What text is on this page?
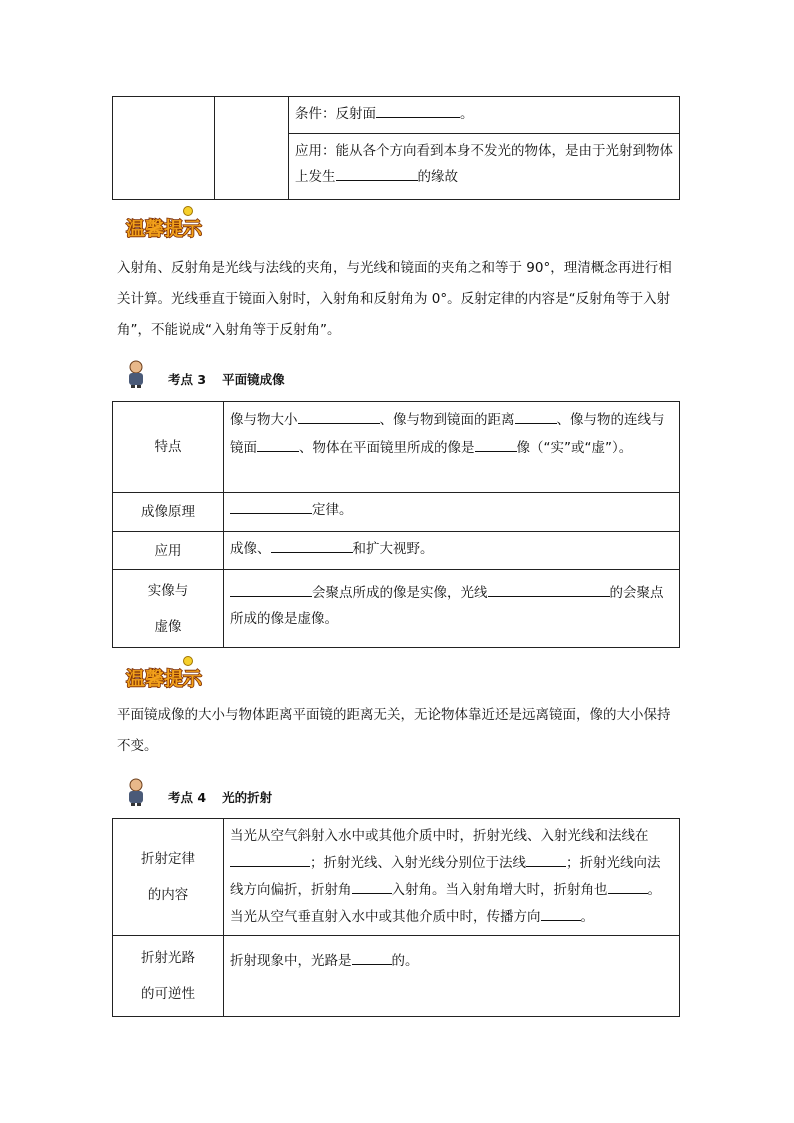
条件：反射面	。

应用：能从各个方向看到本身不发光的物体，是由于光射到物体上发生	的缘故
温馨提示
入射角、反射角是光线与法线的夹角，与光线和镜面的夹角之和等于 90°，理清概念再进行相关计算。光线垂直于镜面入射时，入射角和反射角为 0°。反射定律的内容是“反射角等于入射角”，不能说成“入射角等于反射角”。
考点 3 平面镜成像
特点	像与物大小 、像与物到镜面的距离 、像与物的连线与镜面 、物体在平面镜里所成的像是 像（“实”或“虚”）。

成像原理	定律。

应用	成像、 和扩大视野。

实像与
虚像	会聚点所成的像是实像，光线 的会聚点所成的像是虚像。
温馨提示
平面镜成像的大小与物体距离平面镜的距离无关，无论物体靠近还是远离镜面，像的大小保持不变。
考点 4 光的折射
折射定律
的内容	当光从空气斜射入水中或其他介质中时，折射光线、入射光线和法线在；折射光线、入射光线分别位于法线 ；折射光线向法线方向偏折，折射角 入射角。当入射角增大时，折射角也 。当光从空气垂直射入水中或其他介质中时，传播方向 。

折射光路
的可逆性	折射现象中，光路是 的。
